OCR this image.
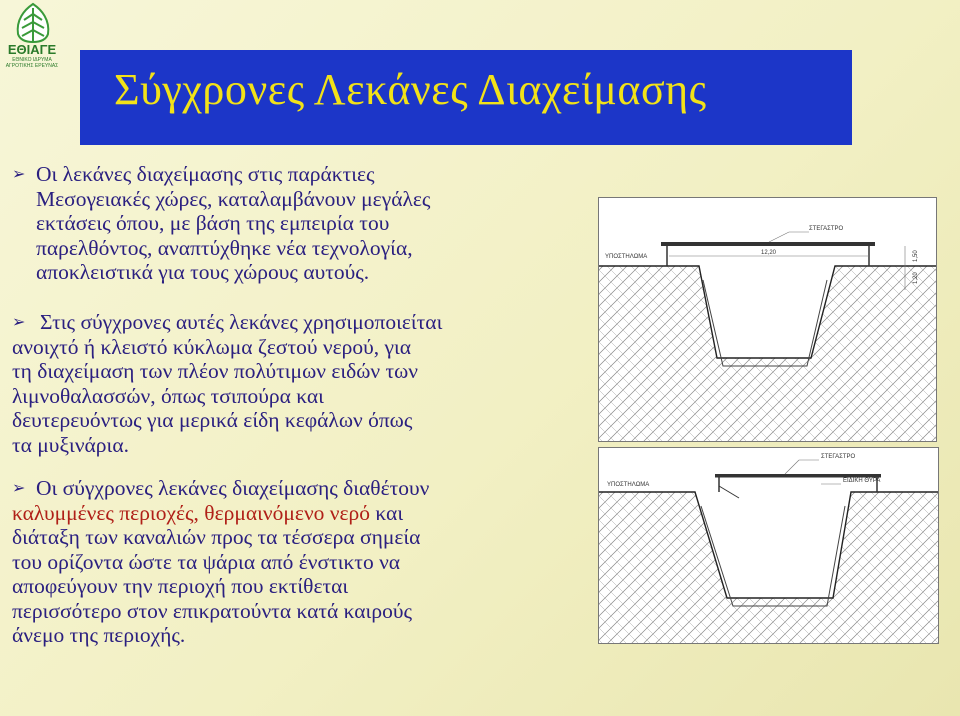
ΕΘΙΑΓΕ
ΕΘΝΙΚΟ ΙΔΡΥΜΑ ΑΓΡΟΤΙΚΗΣ ΕΡΕΥΝΑΣ Σύγχρονες Λεκάνες Διαχείμασης
➢ Οι λεκάνες διαχείμασης στις παράκτιες
Μεσογειακές χώρες, καταλαμβάνουν μεγάλες
εκτάσεις όπου, με βάση της εμπειρία του
παρελθόντος, αναπτύχθηκε νέα τεχνολογία,
αποκλειστικά για τους χώρους αυτούς.
➢ Στις σύγχρονες αυτές λεκάνες χρησιμοποιείται
ανοιχτό ή κλειστό κύκλωμα ζεστού νερού, για
τη διαχείμαση των πλέον πολύτιμων ειδών των
λιμνοθαλασσών, όπως τσιπούρα και
δευτερευόντως για μερικά είδη κεφάλων όπως
τα μυξινάρια.
➢ Οι σύγχρονες λεκάνες διαχείμασης διαθέτουν
καλυμμένες περιοχές, θερμαινόμενο νερό και
διάταξη των καναλιών προς τα τέσσερα σημεία
του ορίζοντα ώστε τα ψάρια από ένστικτο να
αποφεύγουν την περιοχή που εκτίθεται
περισσότερο στον επικρατούντα κατά καιρούς
άνεμο της περιοχής.
ΥΠΟΣΤΗΛΩΜΑ
ΣΤΕΓΑΣΤΡΟ
12,20	1,50
1,20
ΥΠΟΣΤΗΛΩΜΑ
ΣΤΕΓΑΣΤΡΟ
ΕΙΔΙΚΗ ΘΥΡΑ
